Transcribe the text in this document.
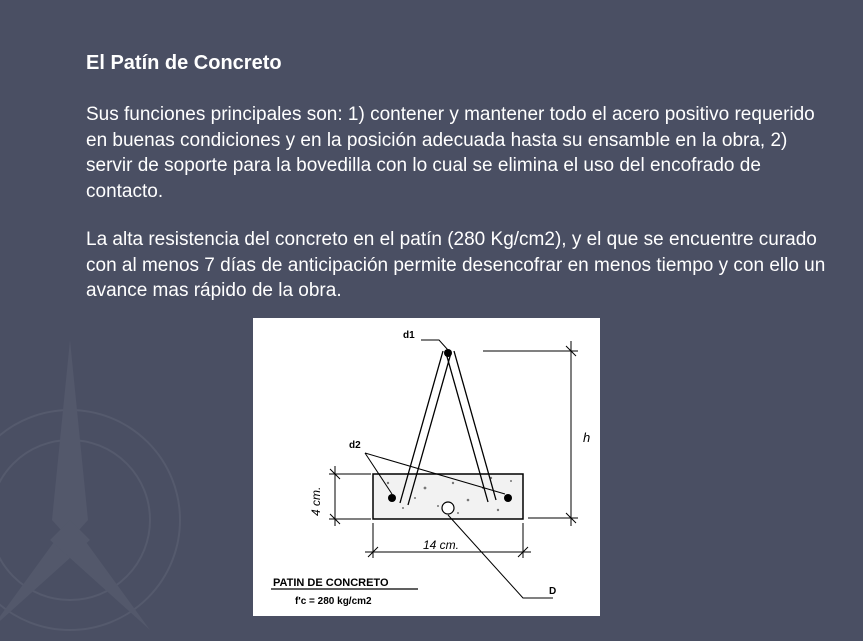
El Patín de Concreto

Sus funciones principales son: 1) contener y mantener todo el acero positivo requerido en buenas condiciones y en la posición adecuada hasta su ensamble en la obra, 2) servir de soporte para la bovedilla con lo cual se elimina el uso del encofrado de contacto.

La alta resistencia del concreto en el patín (280 Kg/cm2), y el que se encuentre curado con al menos 7 días de anticipación permite desencofrar en menos tiempo y con ello un avance mas rápido de la obra.

d1
d2
h
4 cm.
14 cm.
D
PATIN DE CONCRETO
f'c = 280 kg/cm2
